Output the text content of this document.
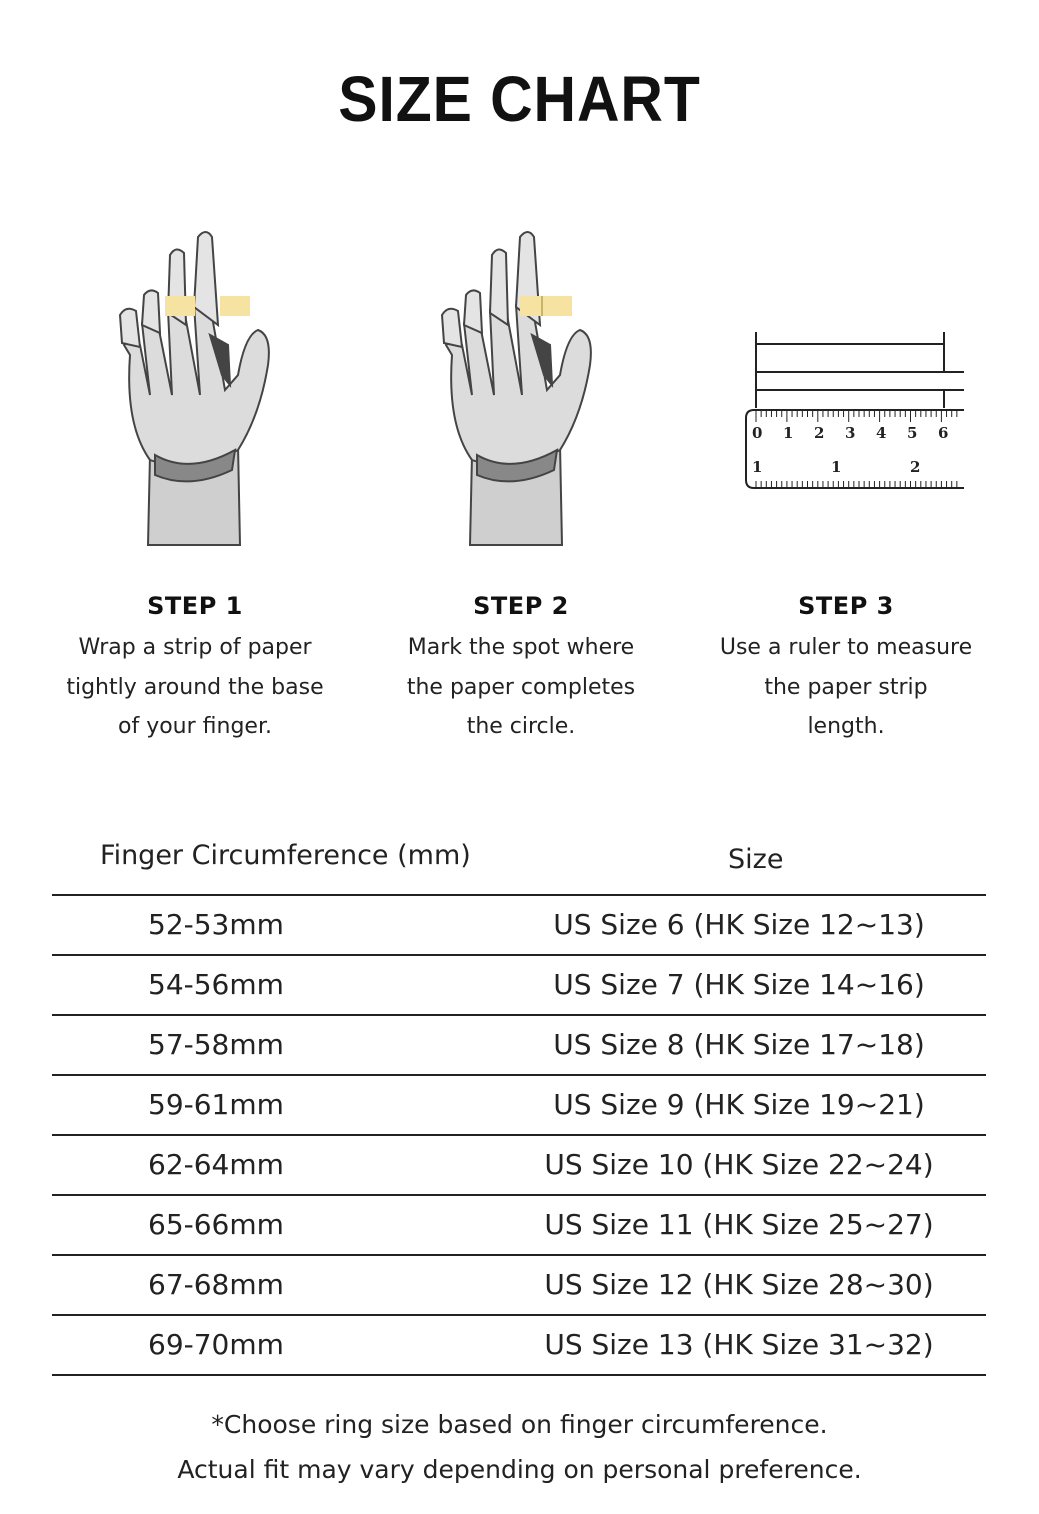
SIZE CHART
0 1 2 3 4 5 6
1	1	2
STEP 1
Wrap a strip of paper
tightly around the base
of your finger.
STEP 2
Mark the spot where
the paper completes
the circle.
STEP 3
Use a ruler to measure
the paper strip
length.
Finger Circumference (mm)	Size
52-53mm	US Size 6 (HK Size 12~13)
54-56mm	US Size 7 (HK Size 14~16)
57-58mm	US Size 8 (HK Size 17~18)
59-61mm	US Size 9 (HK Size 19~21)
62-64mm	US Size 10 (HK Size 22~24)
65-66mm	US Size 11 (HK Size 25~27)
67-68mm	US Size 12 (HK Size 28~30)
69-70mm	US Size 13 (HK Size 31~32)
*Choose ring size based on finger circumference.
Actual fit may vary depending on personal preference.
